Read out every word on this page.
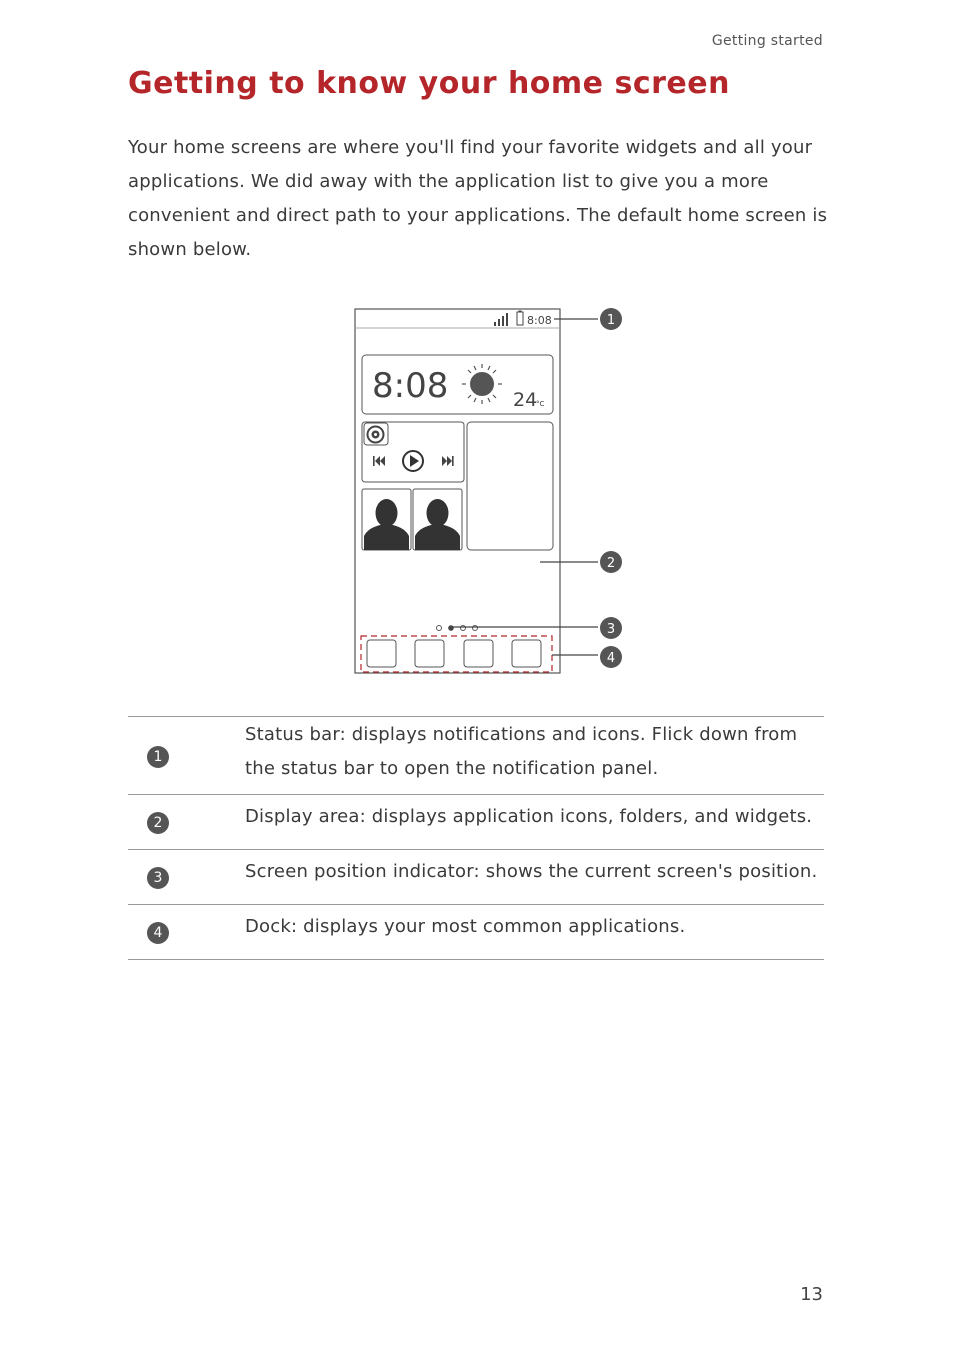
Getting started
Getting to know your home screen

Your home screens are where you'll find your favorite widgets and all your applications. We did away with the application list to give you a more convenient and direct path to your applications. The default home screen is shown below.

8:08
8:08	24
°C
1
2
3
4
1	Status bar: displays notifications and icons. Flick down from the status bar to open the notification panel.
2	Display area: displays application icons, folders, and widgets.
3	Screen position indicator: shows the current screen's position.
4	Dock: displays your most common applications.
13
